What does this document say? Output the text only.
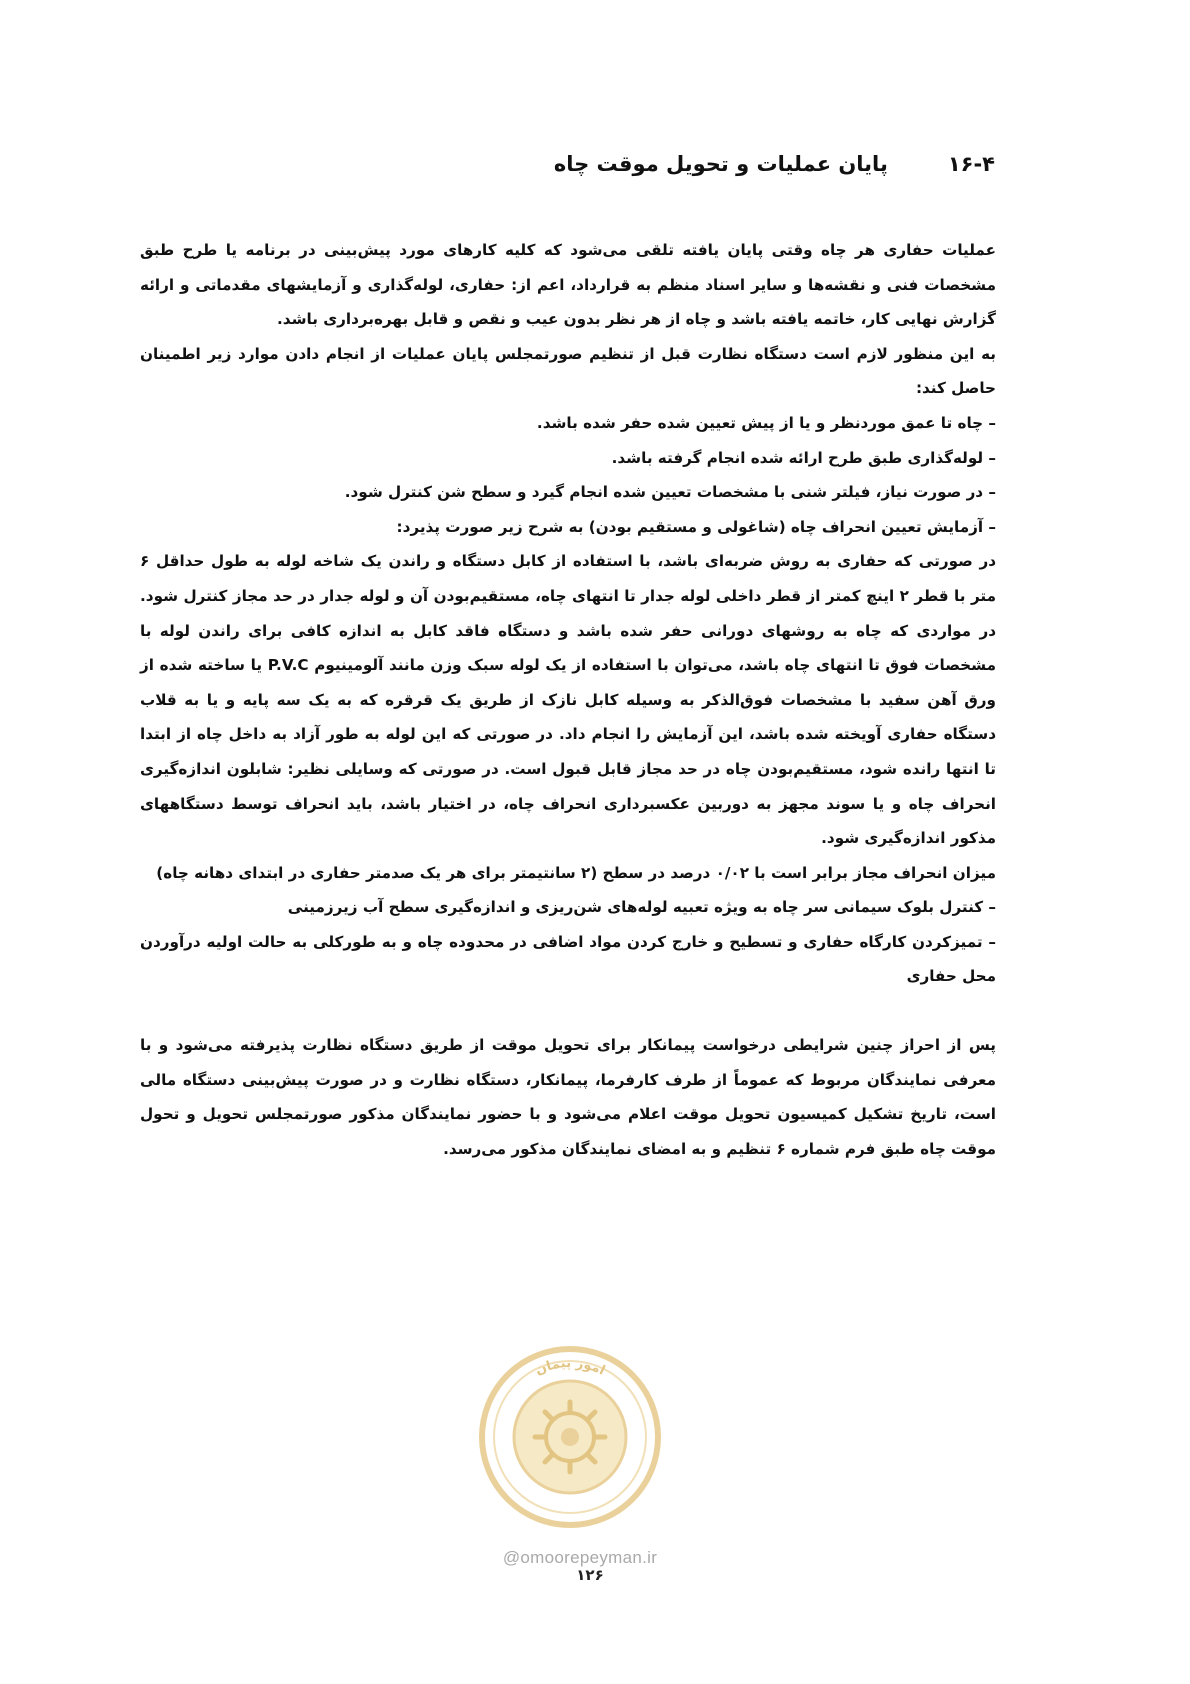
۱۶-۴پایان عملیات و تحویل موقت چاه

عملیات حفاری هر چاه وقتی پایان یافته تلقی می‌شود که کلیه کارهای مورد پیش‌بینی در برنامه یا طرح طبق مشخصات فنی و نقشه‌ها و سایر اسناد منظم به قرارداد، اعم از: حفاری، لوله‌گذاری و آزمایشهای مقدماتی و ارائه گزارش نهایی کار، خاتمه یافته باشد و چاه از هر نظر بدون عیب و نقص و قابل بهره‌برداری باشد.

به این منظور لازم است دستگاه نظارت قبل از تنظیم صورتمجلس پایان عملیات از انجام دادن موارد زیر اطمینان حاصل کند:

– چاه تا عمق موردنظر و یا از پیش تعیین شده حفر شده باشد.

– لوله‌گذاری طبق طرح ارائه شده انجام گرفته باشد.

– در صورت نیاز، فیلتر شنی با مشخصات تعیین شده انجام گیرد و سطح شن کنترل شود.

– آزمایش تعیین انحراف چاه (شاغولی و مستقیم بودن) به شرح زیر صورت پذیرد:

در صورتی که حفاری به روش ضربه‌ای باشد، با استفاده از کابل دستگاه و راندن یک شاخه لوله به طول حداقل ۶ متر با قطر ۲ اینچ کمتر از قطر داخلی لوله جدار تا انتهای چاه، مستقیم‌بودن آن و لوله جدار در حد مجاز کنترل شود. در مواردی که چاه به روشهای دورانی حفر شده باشد و دستگاه فاقد کابل به اندازه کافی برای راندن لوله با مشخصات فوق تا انتهای چاه باشد، می‌توان با استفاده از یک لوله سبک وزن مانند آلومینیوم P.V.C یا ساخته شده از ورق آهن سفید با مشخصات فوق‌الذکر به وسیله کابل نازک از طریق یک قرقره که به یک سه پایه و یا به قلاب دستگاه حفاری آویخته شده باشد، این آزمایش را انجام داد. در صورتی که این لوله به طور آزاد به داخل چاه از ابتدا تا انتها رانده شود، مستقیم‌بودن چاه در حد مجاز قابل قبول است. در صورتی که وسایلی نظیر: شابلون اندازه‌گیری انحراف چاه و یا سوند مجهز به دوربین عکسبرداری انحراف چاه، در اختیار باشد، باید انحراف توسط دستگاههای مذکور اندازه‌گیری شود.

میزان انحراف مجاز برابر است با ۰/۰۲ درصد در سطح (۲ سانتیمتر برای هر یک صدمتر حفاری در ابتدای دهانه چاه)

– کنترل بلوک سیمانی سر چاه به ویژه تعبیه لوله‌های شن‌ریزی و اندازه‌گیری سطح آب زیرزمینی

– تمیزکردن کارگاه حفاری و تسطیح و خارج کردن مواد اضافی در محدوده چاه و به طورکلی به حالت اولیه درآوردن محل حفاری

پس از احراز چنین شرایطی درخواست پیمانکار برای تحویل موقت از طریق دستگاه نظارت پذیرفته می‌شود و با معرفی نمایندگان مربوط که عموماً از طرف کارفرما، پیمانکار، دستگاه نظارت و در صورت پیش‌بینی دستگاه مالی است، تاریخ تشکیل کمیسیون تحویل موقت اعلام می‌شود و با حضور نمایندگان مذکور صورتمجلس تحویل و تحول موقت چاه طبق فرم شماره ۶ تنظیم و به امضای نمایندگان مذکور می‌رسد.

امور پیمان
@omoorepeyman.ir
۱۲۶
